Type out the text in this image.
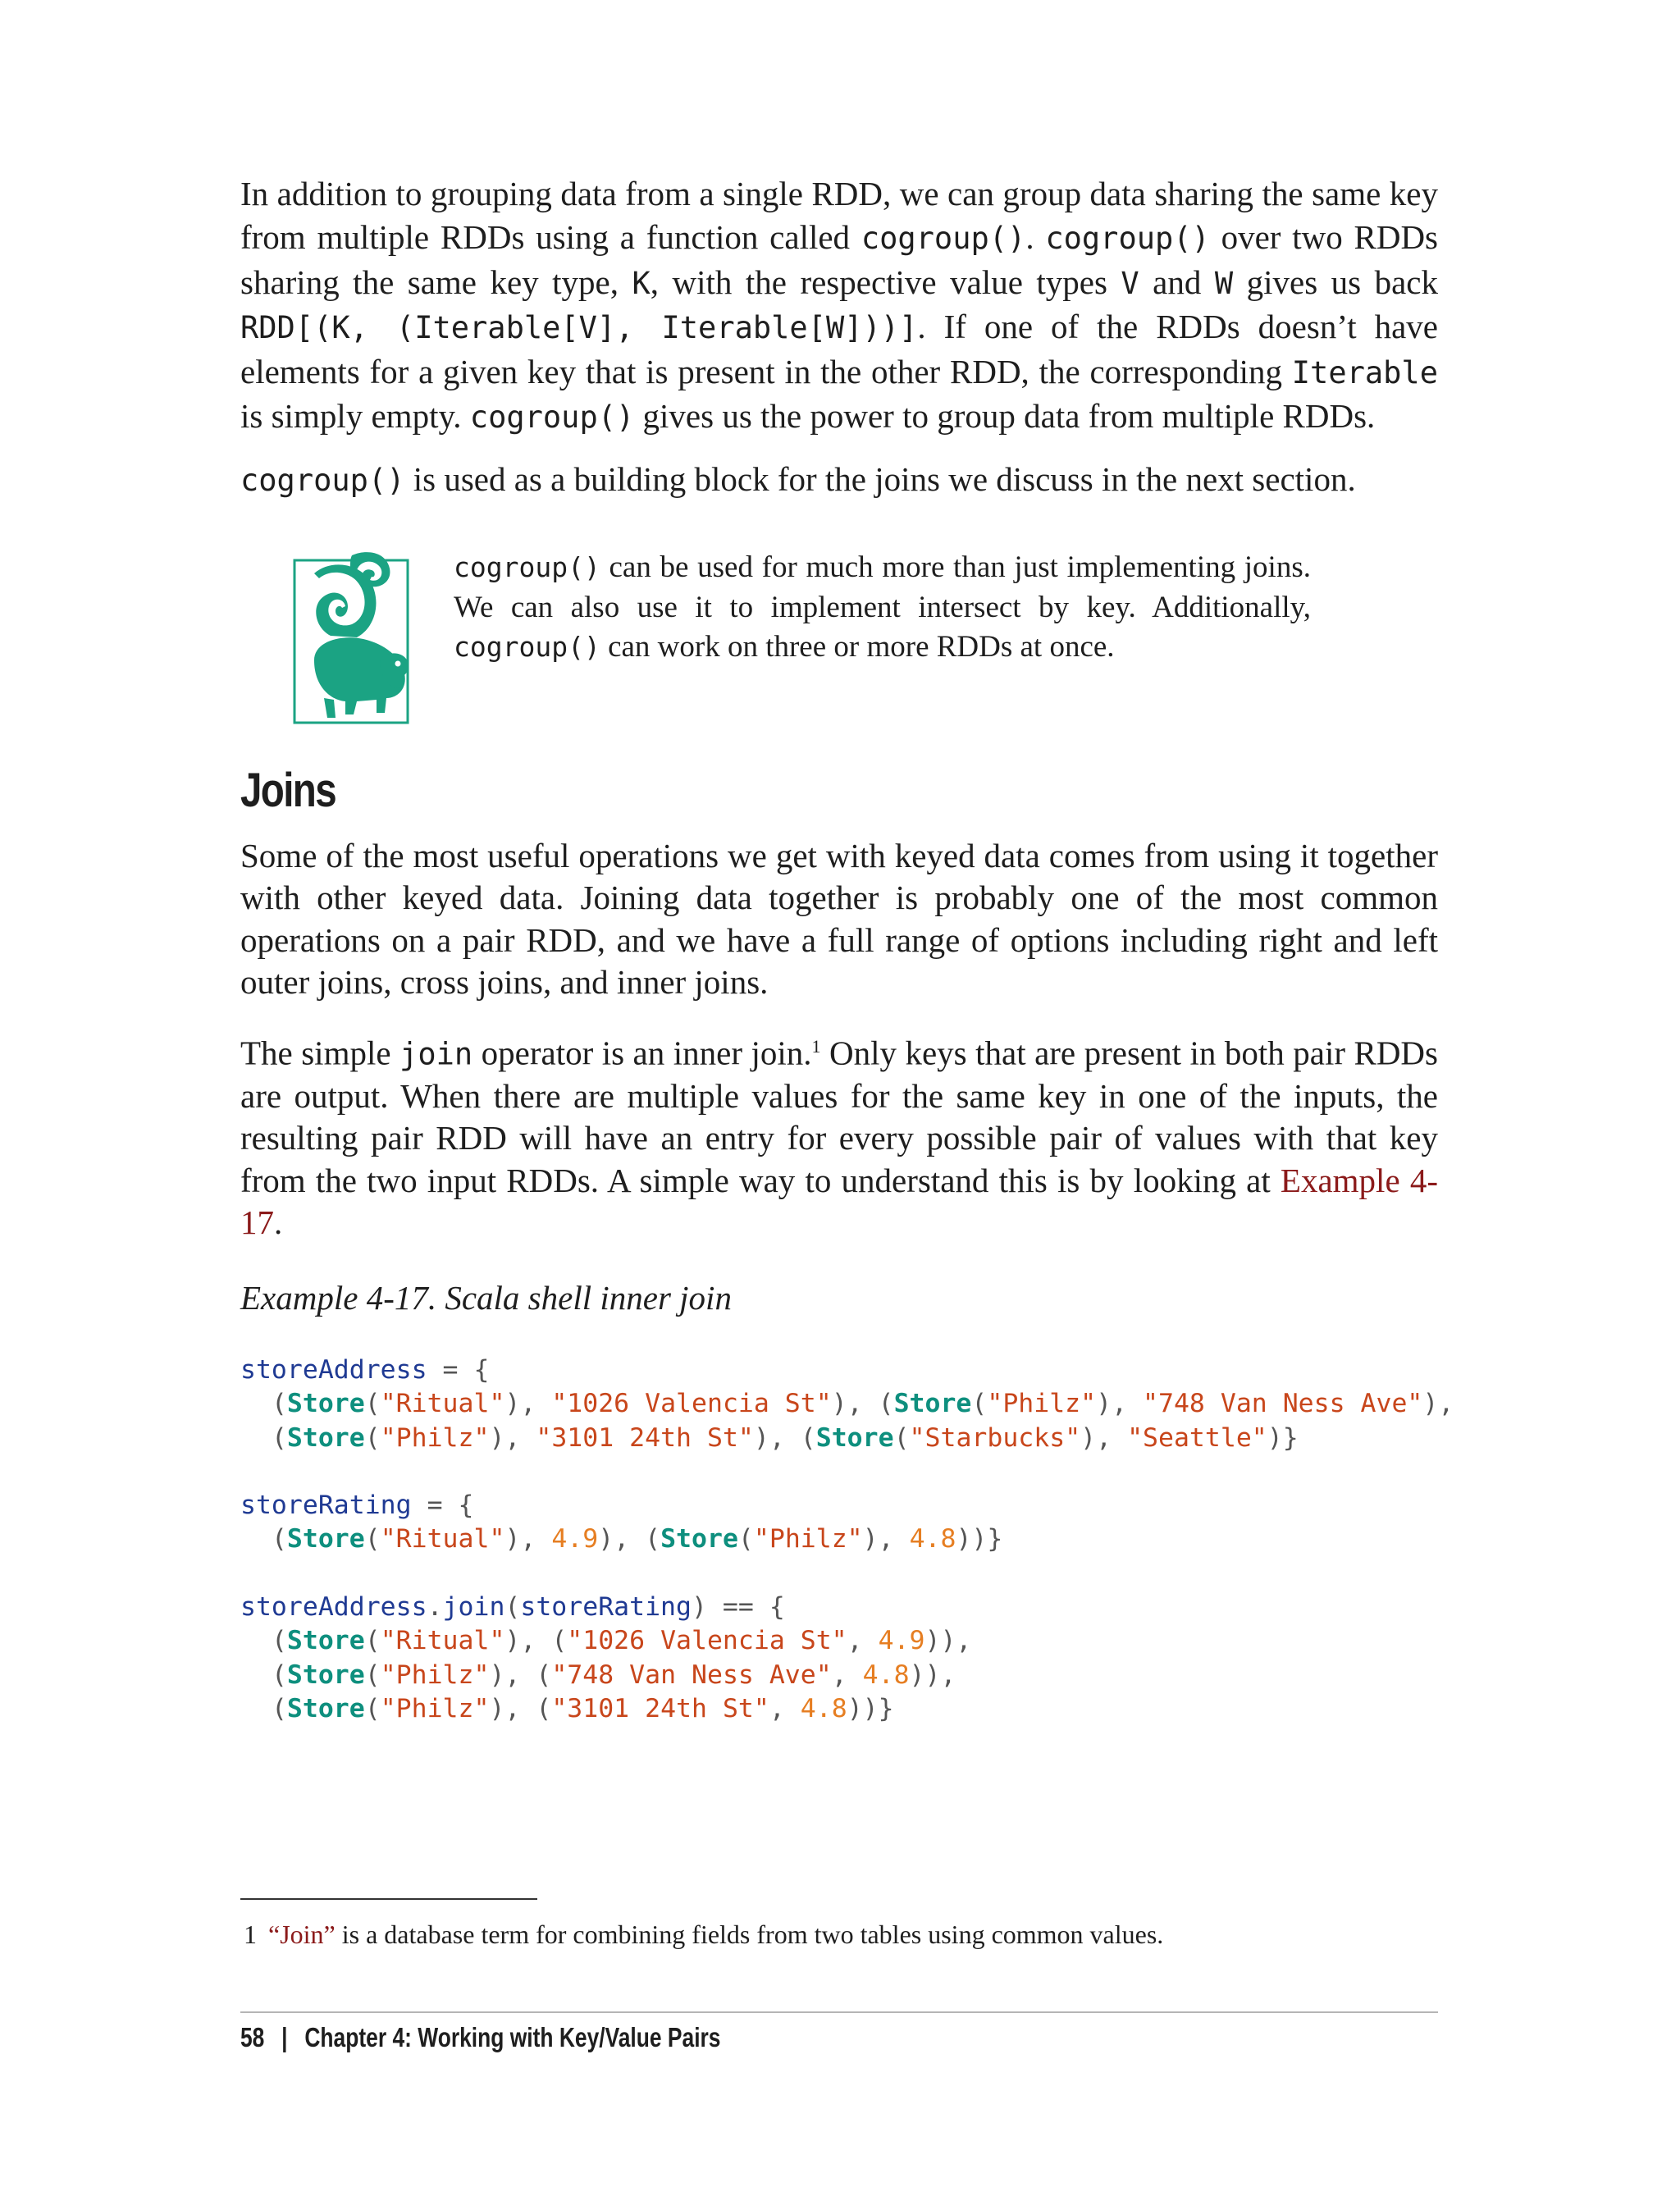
In addition to grouping data from a single RDD, we can group data sharing the same key from multiple RDDs using a function called cogroup(). cogroup() over two RDDs sharing the same key type, K, with the respective value types V and W gives us back RDD[(K, (Iterable[V], Iterable[W]))]. If one of the RDDs doesn’t have elements for a given key that is present in the other RDD, the corresponding Iterable is simply empty. cogroup() gives us the power to group data from multiple RDDs.

cogroup() is used as a building block for the joins we discuss in the next section.

cogroup() can be used for much more than just implementing joins. We can also use it to implement intersect by key. Additionally, cogroup() can work on three or more RDDs at once.

Joins

Some of the most useful operations we get with keyed data comes from using it together with other keyed data. Joining data together is probably one of the most common operations on a pair RDD, and we have a full range of options including right and left outer joins, cross joins, and inner joins.

The simple join operator is an inner join.$^1$ Only keys that are present in both pair RDDs are output. When there are multiple values for the same key in one of the inputs, the resulting pair RDD will have an entry for every possible pair of values with that key from the two input RDDs. A simple way to understand this is by looking at Example 4-17.

Example 4-17. Scala shell inner join

storeAddress = {
(Store("Ritual"), "1026 Valencia St"), (Store("Philz"), "748 Van Ness Ave"),
(Store("Philz"), "3101 24th St"), (Store("Starbucks"), "Seattle")}

storeRating = {
(Store("Ritual"), 4.9), (Store("Philz"), 4.8))}

storeAddress.join(storeRating) == {
(Store("Ritual"), ("1026 Valencia St", 4.9)),
(Store("Philz"), ("748 Van Ness Ave", 4.8)),
(Store("Philz"), ("3101 24th St", 4.8))}

1 “Join” is a database term for combining fields from two tables using common values.

58 | Chapter 4: Working with Key/Value Pairs
